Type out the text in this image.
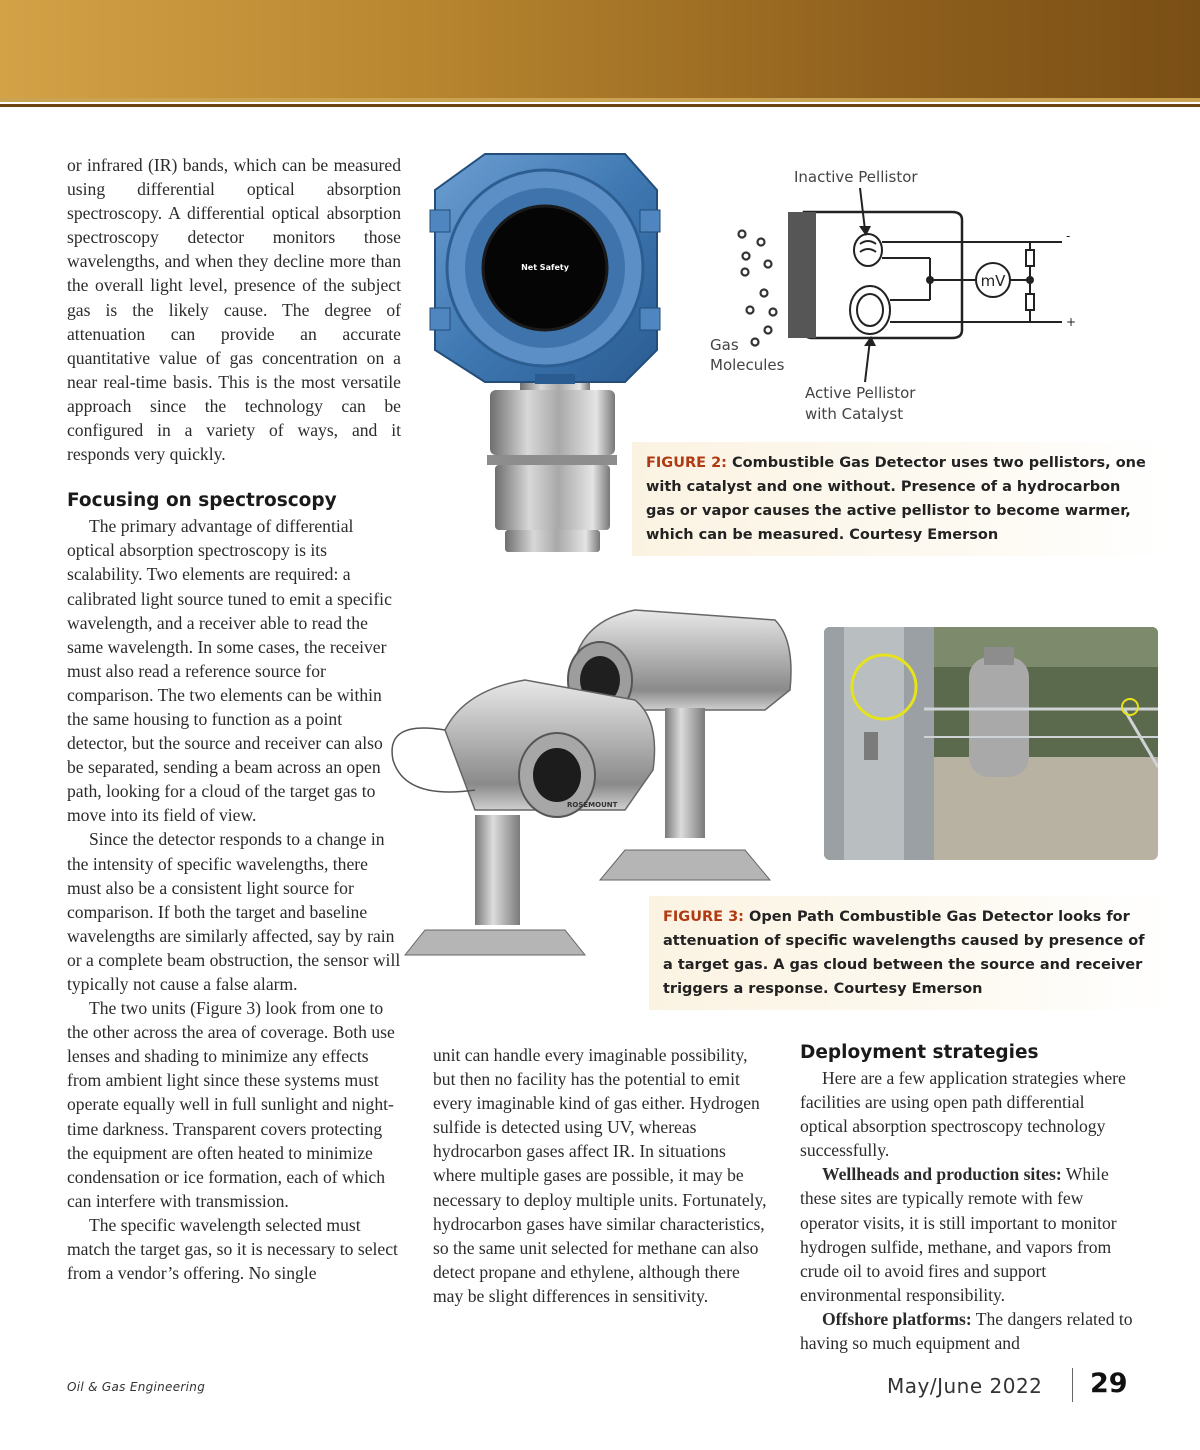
or infrared (IR) bands, which can be measured using differential optical absorption spectroscopy. A differential optical absorption spectroscopy detector monitors those wavelengths, and when they decline more than the overall light level, presence of the subject gas is the likely cause. The degree of attenuation can provide an accurate quantitative value of gas concentration on a near real-time basis. This is the most versatile approach since the technology can be configured in a variety of ways, and it responds very quickly.

Focusing on spectroscopy

The primary advantage of differential optical absorption spectroscopy is its scalability. Two elements are required: a calibrated light source tuned to emit a specific wavelength, and a receiver able to read the same wavelength. In some cases, the receiver must also read a reference source for comparison. The two elements can be within the same housing to function as a point detector, but the source and receiver can also be separated, sending a beam across an open path, looking for a cloud of the target gas to move into its field of view.

Since the detector responds to a change in the intensity of specific wavelengths, there must also be a consistent light source for comparison. If both the target and baseline wavelengths are similarly affected, say by rain or a complete beam obstruction, the sensor will typically not cause a false alarm.

The two units (Figure 3) look from one to the other across the area of coverage. Both use lenses and shading to minimize any effects from ambient light since these systems must operate equally well in full sunlight and night-time darkness. Transparent covers protecting the equipment are often heated to minimize condensation or ice formation, each of which can interfere with transmission.

The specific wavelength selected must match the target gas, so it is necessary to select from a vendor’s offering. No single

unit can handle every imaginable possibility, but then no facility has the potential to emit every imaginable kind of gas either. Hydrogen sulfide is detected using UV, whereas hydrocarbon gases affect IR. In situations where multiple gases are possible, it may be necessary to deploy multiple units. Fortunately, hydrocarbon gases have similar characteristics, so the same unit selected for methane can also detect propane and ethylene, although there may be slight differences in sensitivity.

Deployment strategies

Here are a few application strategies where facilities are using open path differential optical absorption spectroscopy technology successfully.

Wellheads and production sites: While these sites are typically remote with few operator visits, it is still important to monitor hydrogen sulfide, methane, and vapors from crude oil to avoid fires and support environmental responsibility.

Offshore platforms: The dangers related to having so much equipment and

Net Safety
Inactive Pellistor
Gas
Molecules
Active Pellistor
with Catalyst
mV
-
+
FIGURE 2: Combustible Gas Detector uses two pellistors, one with catalyst and one without. Presence of a hydrocarbon gas or vapor causes the active pellistor to become warmer, which can be measured. Courtesy Emerson
ROSEMOUNT
FIGURE 3: Open Path Combustible Gas Detector looks for attenuation of specific wavelengths caused by presence of a target gas. A gas cloud between the source and receiver triggers a response. Courtesy Emerson
Oil & Gas Engineering	May/June 2022 29
